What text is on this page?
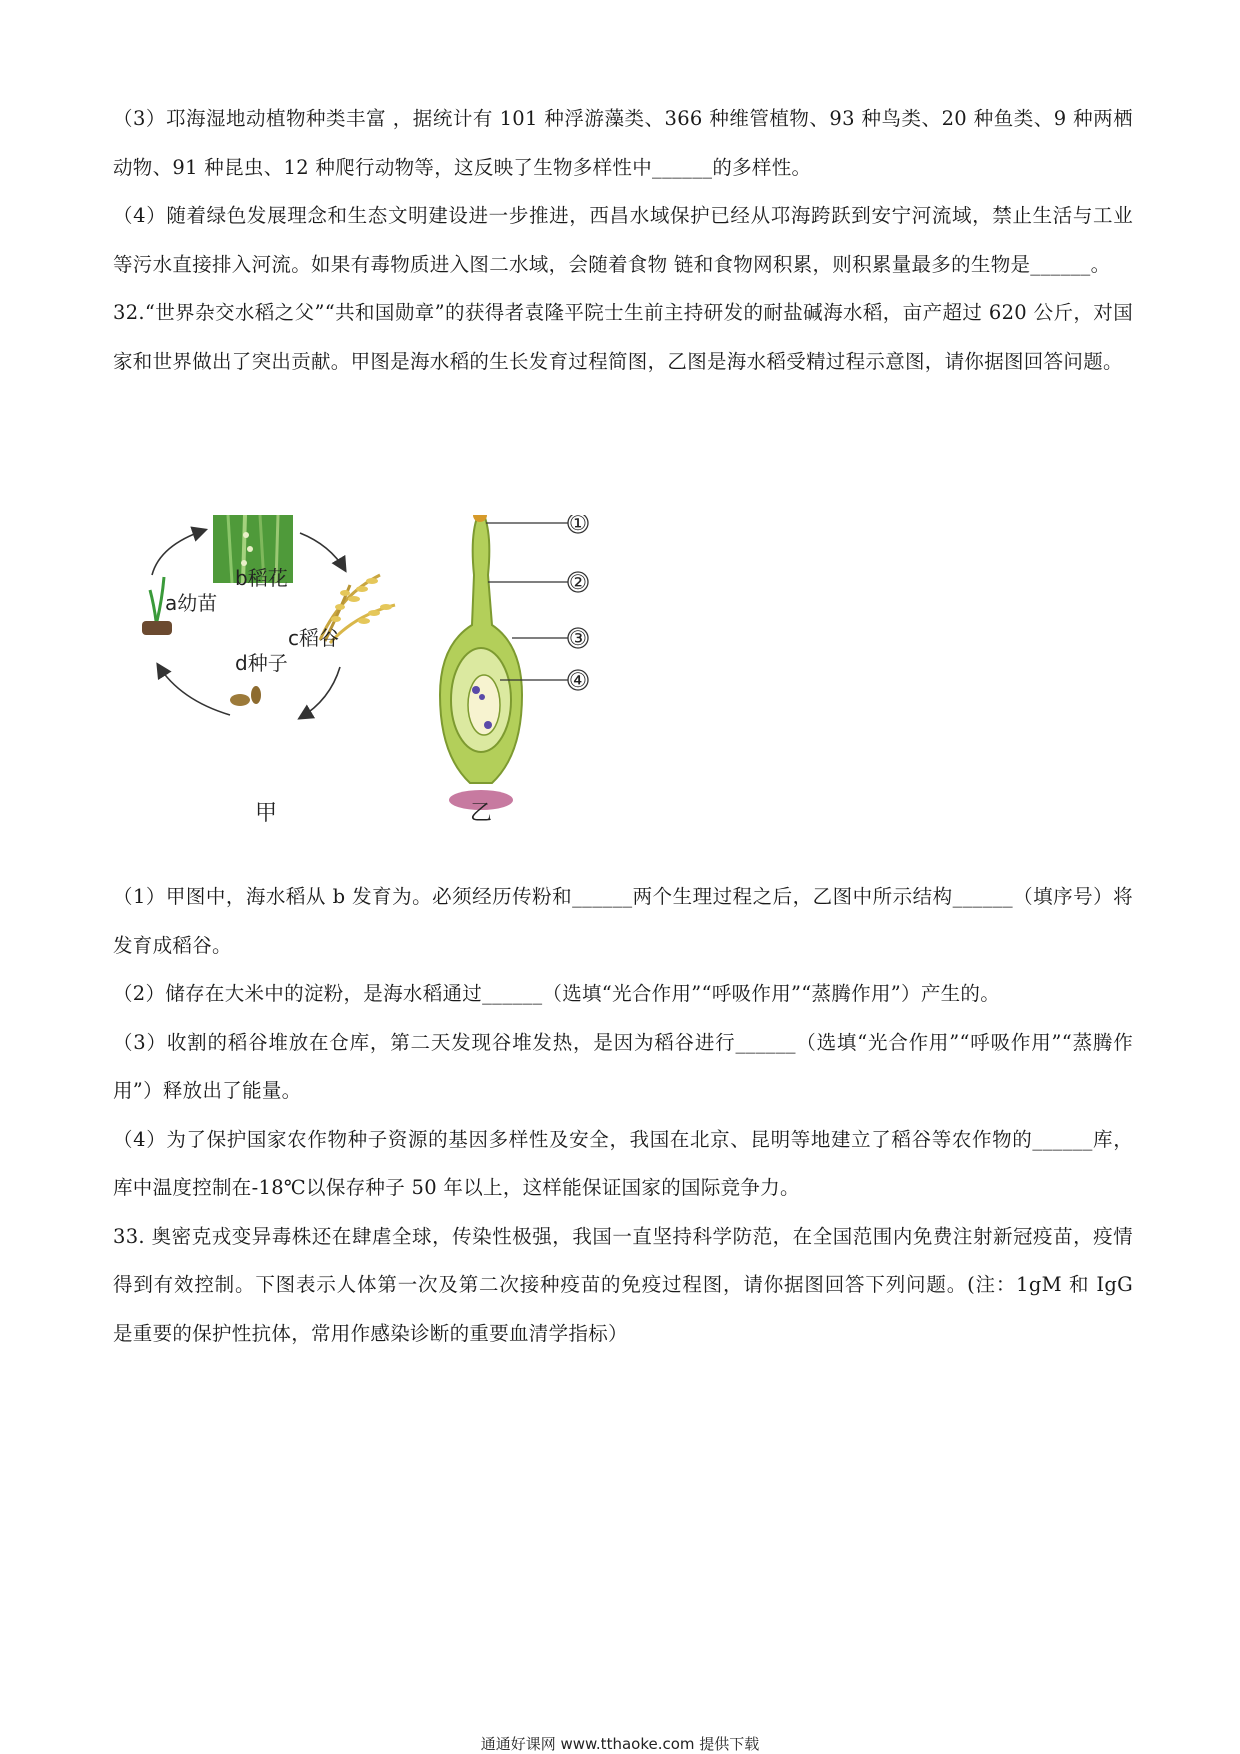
（3）邛海湿地动植物种类丰富 ，据统计有 101 种浮游藻类、366 种维管植物、93 种鸟类、20 种鱼类、9 种两栖动物、91 种昆虫、12 种爬行动物等，这反映了生物多样性中______的多样性。

（4）随着绿色发展理念和生态文明建设进一步推进，西昌水域保护已经从邛海跨跃到安宁河流域，禁止生活与工业等污水直接排入河流。如果有毒物质进入图二水域，会随着食物 链和食物网积累，则积累量最多的生物是______。

32.“世界杂交水稻之父”“共和国勋章”的获得者袁隆平院士生前主持研发的耐盐碱海水稻，亩产超过 620 公斤，对国家和世界做出了突出贡献。甲图是海水稻的生长发育过程简图，乙图是海水稻受精过程示意图，请你据图回答问题。

b稻花
a幼苗
c稻谷
d种子
甲
①
②
③
④
乙

（1）甲图中，海水稻从 b 发育为。必须经历传粉和______两个生理过程之后，乙图中所示结构______（填序号）将发育成稻谷。

（2）储存在大米中的淀粉，是海水稻通过______（选填“光合作用”“呼吸作用”“蒸腾作用”）产生的。

（3）收割的稻谷堆放在仓库，第二天发现谷堆发热，是因为稻谷进行______（选填“光合作用”“呼吸作用”“蒸腾作用”）释放出了能量。

（4）为了保护国家农作物种子资源的基因多样性及安全，我国在北京、昆明等地建立了稻谷等农作物的______库，库中温度控制在-18℃以保存种子 50 年以上，这样能保证国家的国际竞争力。

33. 奥密克戎变异毒株还在肆虐全球，传染性极强，我国一直坚持科学防范，在全国范围内免费注射新冠疫苗，疫情得到有效控制。下图表示人体第一次及第二次接种疫苗的免疫过程图，请你据图回答下列问题。(注：1gM 和 IgG 是重要的保护性抗体，常用作感染诊断的重要血清学指标）

通通好课网 www.tthaoke.com 提供下载
